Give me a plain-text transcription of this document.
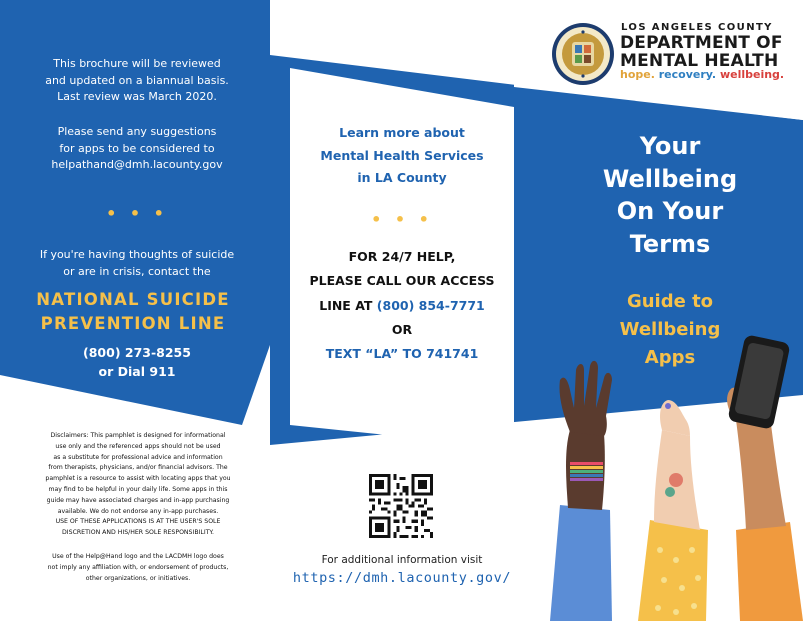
This brochure will be reviewed
and updated on a biannual basis.
Last review was March 2020.
Please send any suggestions
for apps to be considered to
helpathand@dmh.lacounty.gov
• • •
If you're having thoughts of suicide
or are in crisis, contact the
NATIONAL SUICIDE
PREVENTION LINE
(800) 273-8255
or Dial 911
Disclaimers: This pamphlet is designed for informational
use only and the referenced apps should not be used
as a substitute for professional advice and information
from therapists, physicians, and/or financial advisors. The
pamphlet is a resource to assist with locating apps that you
may find to be helpful in your daily life. Some apps in this
guide may have associated charges and in-app purchasing
available. We do not endorse any in-app purchases.
USE OF THESE APPLICATIONS IS AT THE USER'S SOLE
DISCRETION AND HIS/HER SOLE RESPONSIBILITY.
Use of the Help@Hand logo and the LACDMH logo does
not imply any affiliation with, or endorsement of products,
other organizations, or initiatives.
Learn more about
Mental Health Services
in LA County
• • •
FOR 24/7 HELP,
PLEASE CALL OUR ACCESS
LINE AT (800) 854-7771
OR
TEXT “LA” TO 741741
For additional information visit
https://dmh.lacounty.gov/
LOS ANGELES COUNTY
DEPARTMENT OF
MENTAL HEALTH
hope. recovery. wellbeing.
Your
Wellbeing
On Your
Terms
Guide to
Wellbeing
Apps
